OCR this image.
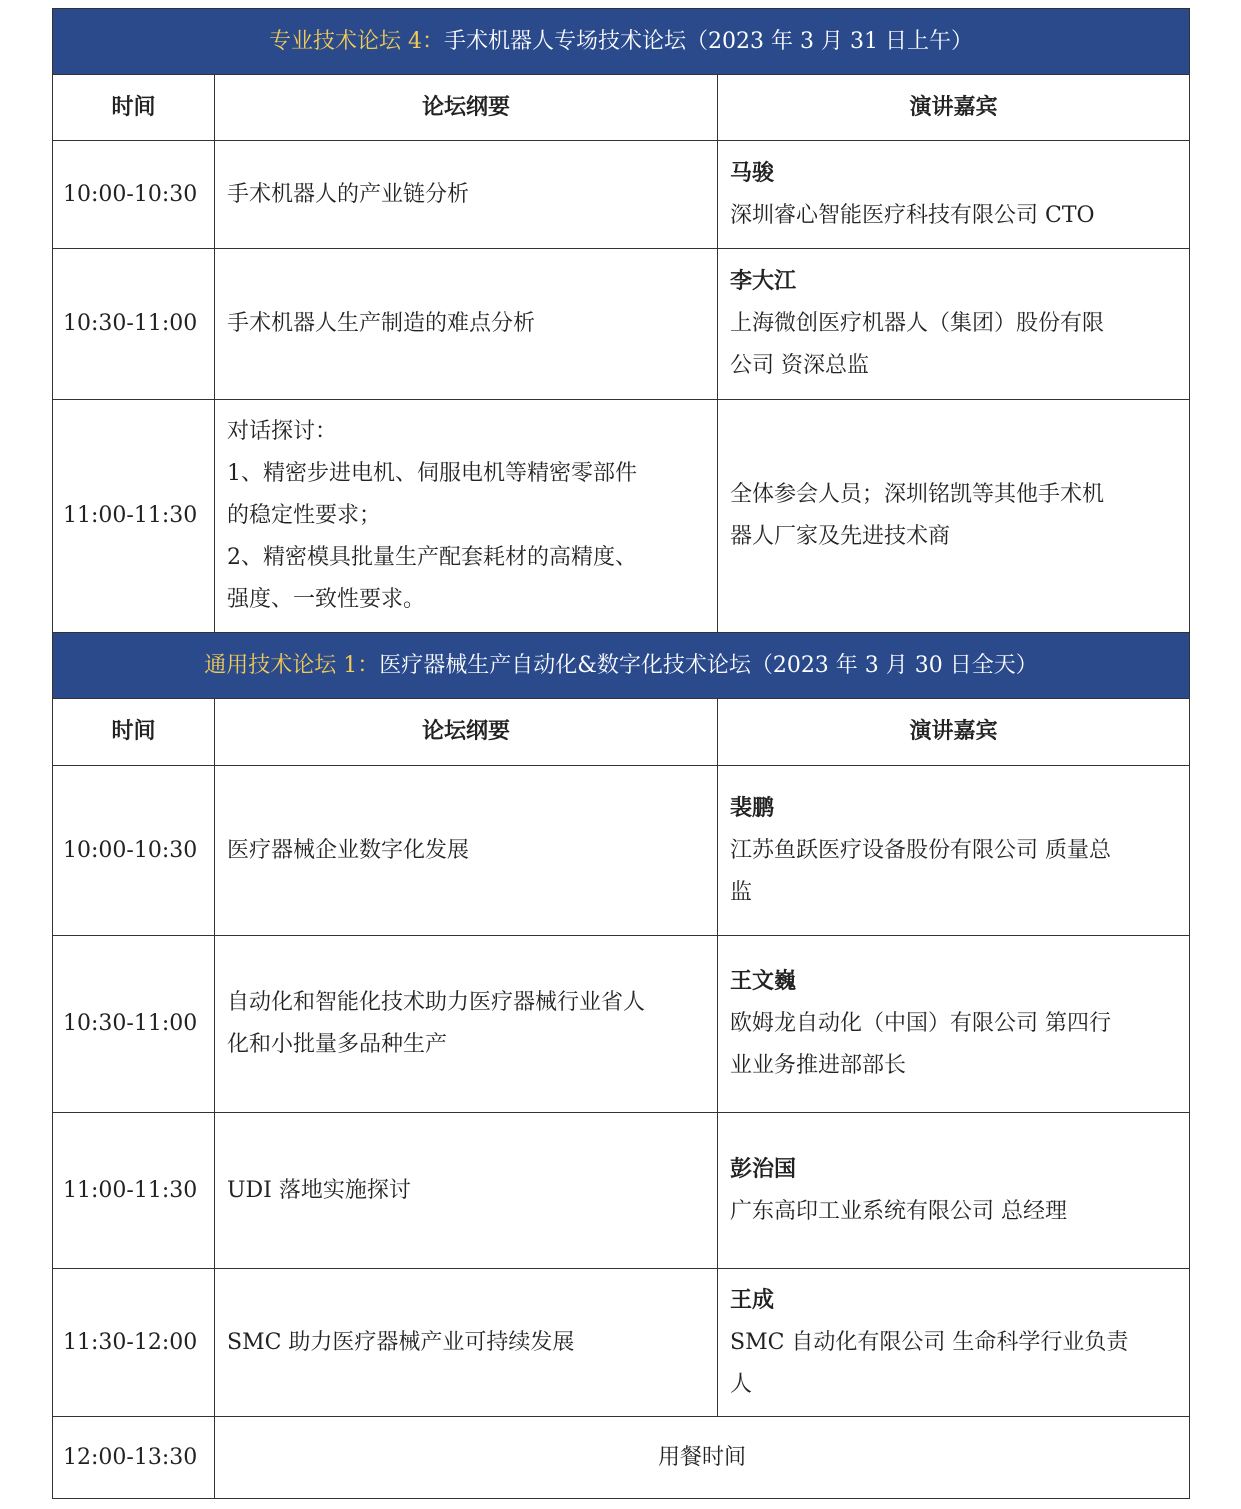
专业技术论坛 4：手术机器人专场技术论坛（2023 年 3 月 31 日上午）		
时间	论坛纲要	演讲嘉宾
10:00-10:30	手术机器人的产业链分析	马骏
深圳睿心智能医疗科技有限公司 CTO

10:30-11:00	手术机器人生产制造的难点分析	李大江
上海微创医疗机器人（集团）股份有限
公司 资深总监

11:00-11:30	对话探讨：
1、精密步进电机、伺服电机等精密零部件
的稳定性要求；
2、精密模具批量生产配套耗材的高精度、
强度、一致性要求。	全体参会人员；深圳铭凯等其他手术机
器人厂家及先进技术商

通用技术论坛 1：医疗器械生产自动化&数字化技术论坛（2023 年 3 月 30 日全天）		
时间	论坛纲要	演讲嘉宾
10:00-10:30	医疗器械企业数字化发展	裴鹏
江苏鱼跃医疗设备股份有限公司 质量总
监

10:30-11:00	自动化和智能化技术助力医疗器械行业省人
化和小批量多品种生产	王文巍
欧姆龙自动化（中国）有限公司 第四行
业业务推进部部长

11:00-11:30	UDI 落地实施探讨	彭治国
广东高印工业系统有限公司 总经理

11:30-12:00	SMC 助力医疗器械产业可持续发展	王成
SMC 自动化有限公司 生命科学行业负责
人

12:00-13:30	用餐时间	
